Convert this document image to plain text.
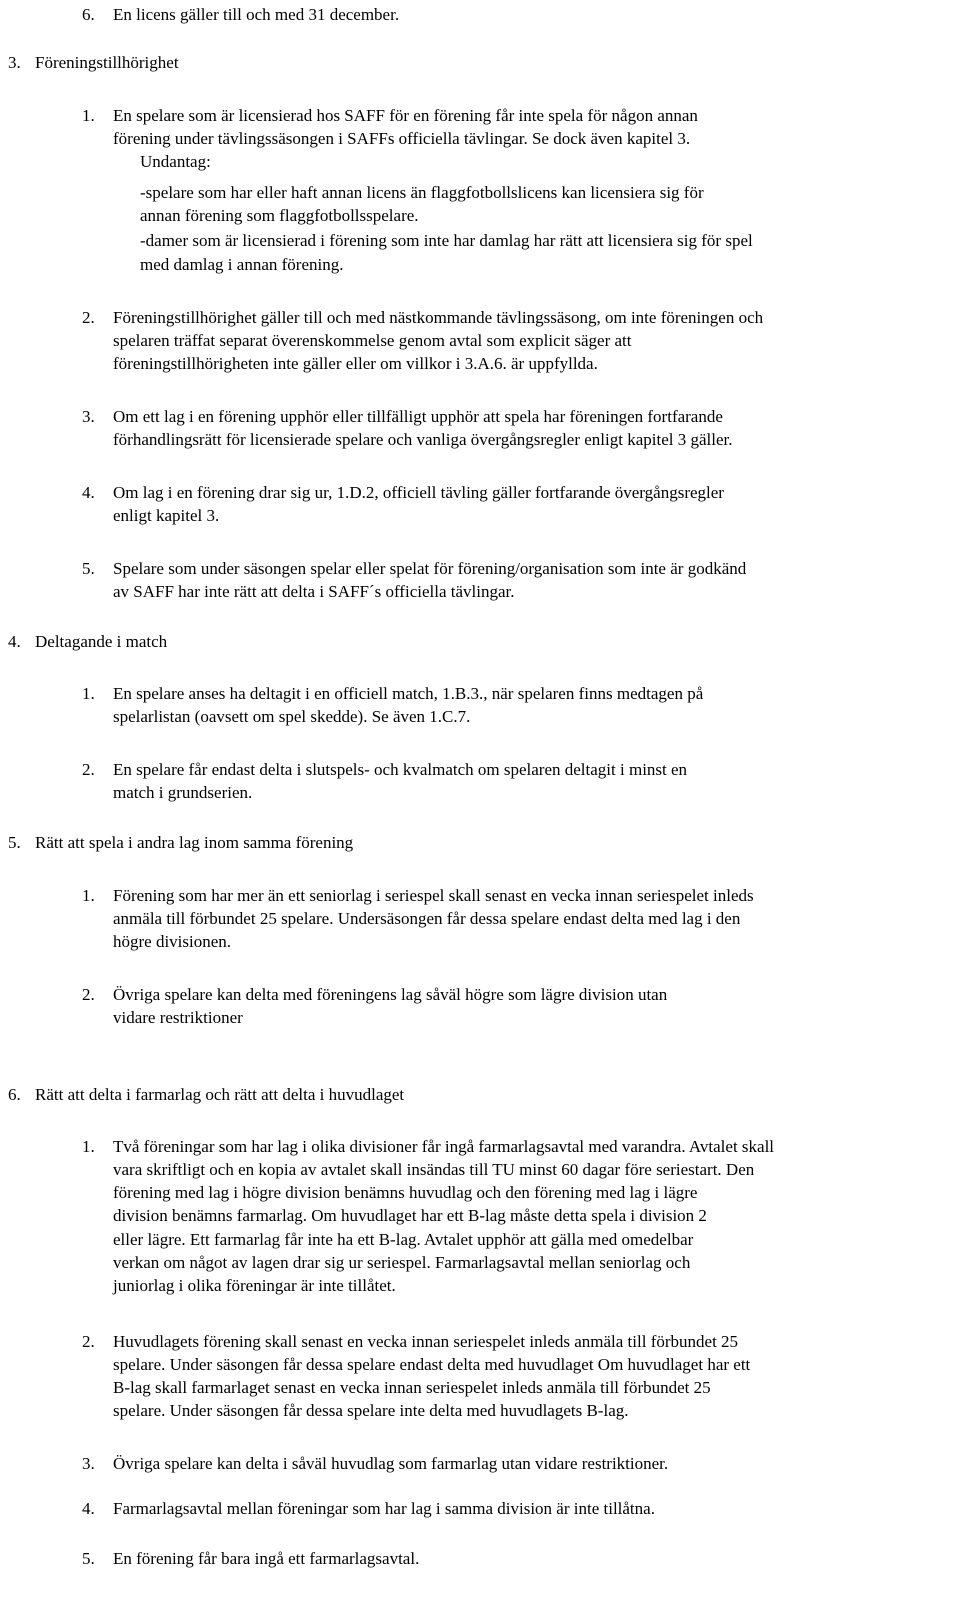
6. En licens gäller till och med 31 december.
3. Föreningstillhörighet
1. En spelare som är licensierad hos SAFF för en förening får inte spela för någon annan
förening under tävlingssäsongen i SAFFs officiella tävlingar. Se dock även kapitel 3.
Undantag:
-spelare som har eller haft annan licens än flaggfotbollslicens kan licensiera sig för
annan förening som flaggfotbollsspelare.
-damer som är licensierad i förening som inte har damlag har rätt att licensiera sig för spel
med damlag i annan förening.
2. Föreningstillhörighet gäller till och med nästkommande tävlingssäsong, om inte föreningen och
spelaren träffat separat överenskommelse genom avtal som explicit säger att
föreningstillhörigheten inte gäller eller om villkor i 3.A.6. är uppfyllda.
3. Om ett lag i en förening upphör eller tillfälligt upphör att spela har föreningen fortfarande
förhandlingsrätt för licensierade spelare och vanliga övergångsregler enligt kapitel 3 gäller.
4. Om lag i en förening drar sig ur, 1.D.2, officiell tävling gäller fortfarande övergångsregler
enligt kapitel 3.
5. Spelare som under säsongen spelar eller spelat för förening/organisation som inte är godkänd
av SAFF har inte rätt att delta i SAFF´s officiella tävlingar.
4. Deltagande i match
1. En spelare anses ha deltagit i en officiell match, 1.B.3., när spelaren finns medtagen på
spelarlistan (oavsett om spel skedde). Se även 1.C.7.
2. En spelare får endast delta i slutspels- och kvalmatch om spelaren deltagit i minst en
match i grundserien.
5. Rätt att spela i andra lag inom samma förening
1. Förening som har mer än ett seniorlag i seriespel skall senast en vecka innan seriespelet inleds
anmäla till förbundet 25 spelare. Undersäsongen får dessa spelare endast delta med lag i den
högre divisionen.
2. Övriga spelare kan delta med föreningens lag såväl högre som lägre division utan
vidare restriktioner
6. Rätt att delta i farmarlag och rätt att delta i huvudlaget
1. Två föreningar som har lag i olika divisioner får ingå farmarlagsavtal med varandra. Avtalet skall
vara skriftligt och en kopia av avtalet skall insändas till TU minst 60 dagar före seriestart. Den
förening med lag i högre division benämns huvudlag och den förening med lag i lägre
division benämns farmarlag. Om huvudlaget har ett B-lag måste detta spela i division 2
eller lägre. Ett farmarlag får inte ha ett B-lag. Avtalet upphör att gälla med omedelbar
verkan om något av lagen drar sig ur seriespel. Farmarlagsavtal mellan seniorlag och
juniorlag i olika föreningar är inte tillåtet.
2. Huvudlagets förening skall senast en vecka innan seriespelet inleds anmäla till förbundet 25
spelare. Under säsongen får dessa spelare endast delta med huvudlaget Om huvudlaget har ett
B-lag skall farmarlaget senast en vecka innan seriespelet inleds anmäla till förbundet 25
spelare. Under säsongen får dessa spelare inte delta med huvudlagets B-lag.
3. Övriga spelare kan delta i såväl huvudlag som farmarlag utan vidare restriktioner.
4. Farmarlagsavtal mellan föreningar som har lag i samma division är inte tillåtna.
5. En förening får bara ingå ett farmarlagsavtal.
